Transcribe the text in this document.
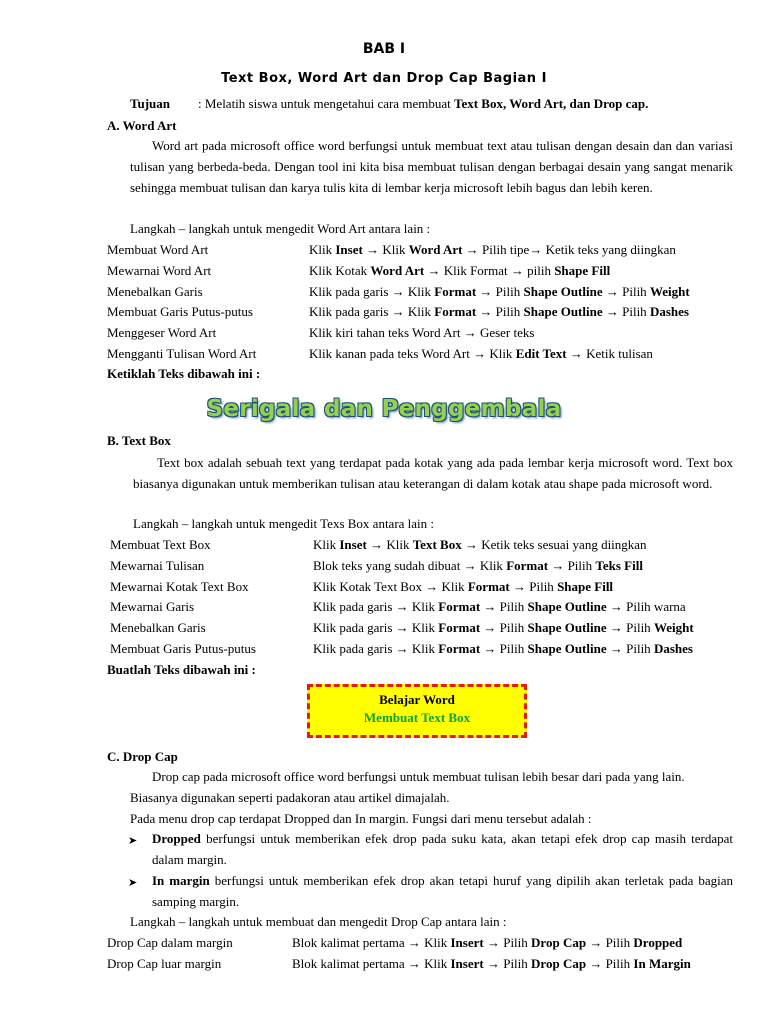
BAB I
Text Box, Word Art dan Drop Cap Bagian I
Tujuan : Melatih siswa untuk mengetahui cara membuat Text Box, Word Art, dan Drop cap.
A. Word Art
Word art pada microsoft office word berfungsi untuk membuat text atau tulisan dengan desain dan dan variasi tulisan yang berbeda-beda. Dengan tool ini kita bisa membuat tulisan dengan berbagai desain yang sangat menarik sehingga membuat tulisan dan karya tulis kita di lembar kerja microsoft lebih bagus dan lebih keren.
Langkah – langkah untuk mengedit Word Art antara lain :
Membuat Word Art	Klik Inset → Klik Word Art → Pilih tipe→ Ketik teks yang diingkan
Mewarnai Word Art	Klik Kotak Word Art → Klik Format → pilih Shape Fill
Menebalkan Garis	Klik pada garis → Klik Format → Pilih Shape Outline → Pilih Weight
Membuat Garis Putus-putus	Klik pada garis → Klik Format → Pilih Shape Outline → Pilih Dashes
Menggeser Word Art	Klik kiri tahan teks Word Art → Geser teks
Mengganti Tulisan Word Art	Klik kanan pada teks Word Art → Klik Edit Text → Ketik tulisan
Ketiklah Teks dibawah ini :
Serigala dan Penggembala
B. Text Box
Text box adalah sebuah text yang terdapat pada kotak yang ada pada lembar kerja microsoft word. Text box biasanya digunakan untuk memberikan tulisan atau keterangan di dalam kotak atau shape pada microsoft word.
Langkah – langkah untuk mengedit Texs Box antara lain :
Membuat Text Box	Klik Inset → Klik Text Box → Ketik teks sesuai yang diingkan
Mewarnai Tulisan	Blok teks yang sudah dibuat → Klik Format → Pilih Teks Fill
Mewarnai Kotak Text Box	Klik Kotak Text Box → Klik Format → Pilih Shape Fill
Mewarnai Garis	Klik pada garis → Klik Format → Pilih Shape Outline → Pilih warna
Menebalkan Garis	Klik pada garis → Klik Format → Pilih Shape Outline → Pilih Weight
Membuat Garis Putus-putus	Klik pada garis → Klik Format → Pilih Shape Outline → Pilih Dashes
Buatlah Teks dibawah ini :
Belajar Word
Membuat Text Box
C. Drop Cap
Drop cap pada microsoft office word berfungsi untuk membuat tulisan lebih besar dari pada yang lain.
Biasanya digunakan seperti padakoran atau artikel dimajalah.
Pada menu drop cap terdapat Dropped dan In margin. Fungsi dari menu tersebut adalah :
➤ Dropped berfungsi untuk memberikan efek drop pada suku kata, akan tetapi efek drop cap masih terdapat dalam margin.
➤ In margin berfungsi untuk memberikan efek drop akan tetapi huruf yang dipilih akan terletak pada bagian samping margin.
Langkah – langkah untuk membuat dan mengedit Drop Cap antara lain :
Drop Cap dalam margin	Blok kalimat pertama → Klik Insert → Pilih Drop Cap → Pilih Dropped
Drop Cap luar margin	Blok kalimat pertama → Klik Insert → Pilih Drop Cap → Pilih In Margin
